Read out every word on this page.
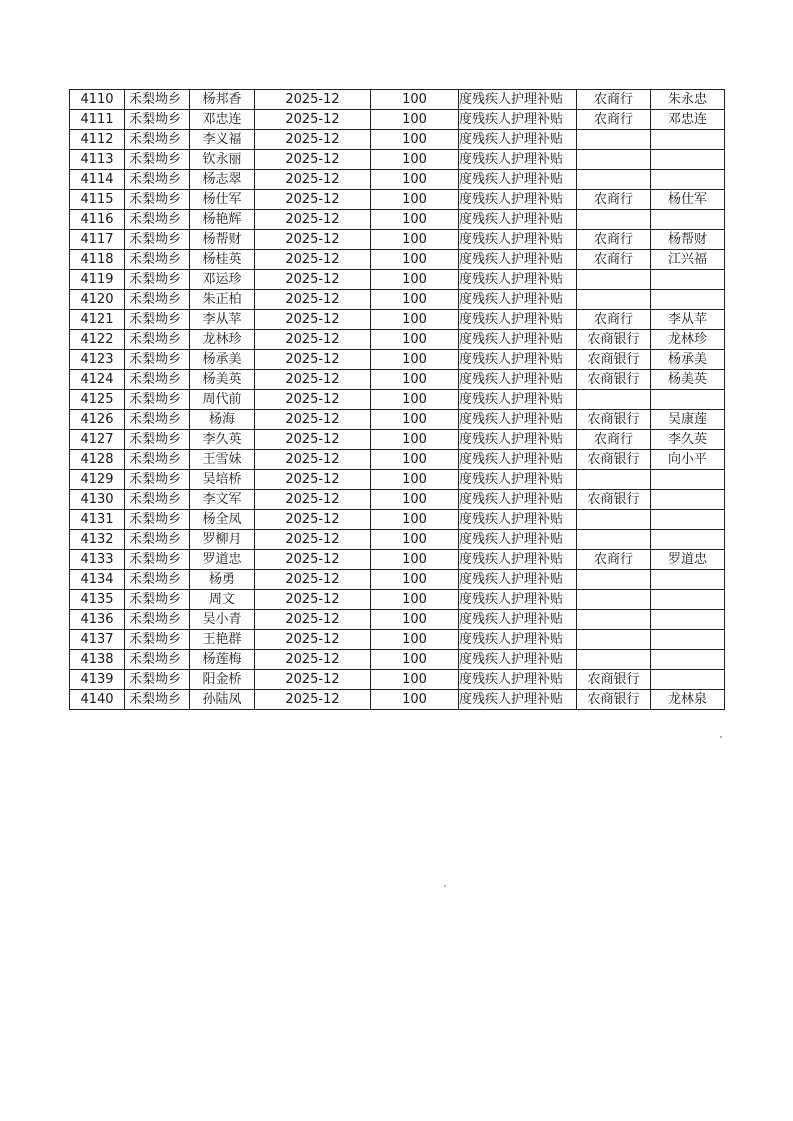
4110	禾梨坳乡	杨邦香	2025-12	100	度残疾人护理补贴	农商行	朱永忠
4111	禾梨坳乡	邓忠连	2025-12	100	度残疾人护理补贴	农商行	邓忠连
4112	禾梨坳乡	李义福	2025-12	100	度残疾人护理补贴		
4113	禾梨坳乡	钦永丽	2025-12	100	度残疾人护理补贴		
4114	禾梨坳乡	杨志翠	2025-12	100	度残疾人护理补贴		
4115	禾梨坳乡	杨仕军	2025-12	100	度残疾人护理补贴	农商行	杨仕军
4116	禾梨坳乡	杨艳辉	2025-12	100	度残疾人护理补贴		
4117	禾梨坳乡	杨帮财	2025-12	100	度残疾人护理补贴	农商行	杨帮财
4118	禾梨坳乡	杨桂英	2025-12	100	度残疾人护理补贴	农商行	江兴福
4119	禾梨坳乡	邓运珍	2025-12	100	度残疾人护理补贴		
4120	禾梨坳乡	朱正柏	2025-12	100	度残疾人护理补贴		
4121	禾梨坳乡	李从苹	2025-12	100	度残疾人护理补贴	农商行	李从苹
4122	禾梨坳乡	龙林珍	2025-12	100	度残疾人护理补贴	农商银行	龙林珍
4123	禾梨坳乡	杨承美	2025-12	100	度残疾人护理补贴	农商银行	杨承美
4124	禾梨坳乡	杨美英	2025-12	100	度残疾人护理补贴	农商银行	杨美英
4125	禾梨坳乡	周代前	2025-12	100	度残疾人护理补贴		
4126	禾梨坳乡	杨海	2025-12	100	度残疾人护理补贴	农商银行	吴康莲
4127	禾梨坳乡	李久英	2025-12	100	度残疾人护理补贴	农商行	李久英
4128	禾梨坳乡	王雪妹	2025-12	100	度残疾人护理补贴	农商银行	向小平
4129	禾梨坳乡	吴培桥	2025-12	100	度残疾人护理补贴		
4130	禾梨坳乡	李文军	2025-12	100	度残疾人护理补贴	农商银行	
4131	禾梨坳乡	杨全凤	2025-12	100	度残疾人护理补贴		
4132	禾梨坳乡	罗柳月	2025-12	100	度残疾人护理补贴		
4133	禾梨坳乡	罗道忠	2025-12	100	度残疾人护理补贴	农商行	罗道忠
4134	禾梨坳乡	杨勇	2025-12	100	度残疾人护理补贴		
4135	禾梨坳乡	周文	2025-12	100	度残疾人护理补贴		
4136	禾梨坳乡	吴小青	2025-12	100	度残疾人护理补贴		
4137	禾梨坳乡	王艳群	2025-12	100	度残疾人护理补贴		
4138	禾梨坳乡	杨莲梅	2025-12	100	度残疾人护理补贴		
4139	禾梨坳乡	阳金桥	2025-12	100	度残疾人护理补贴	农商银行	
4140	禾梨坳乡	孙陆凤	2025-12	100	度残疾人护理补贴	农商银行	龙林泉
